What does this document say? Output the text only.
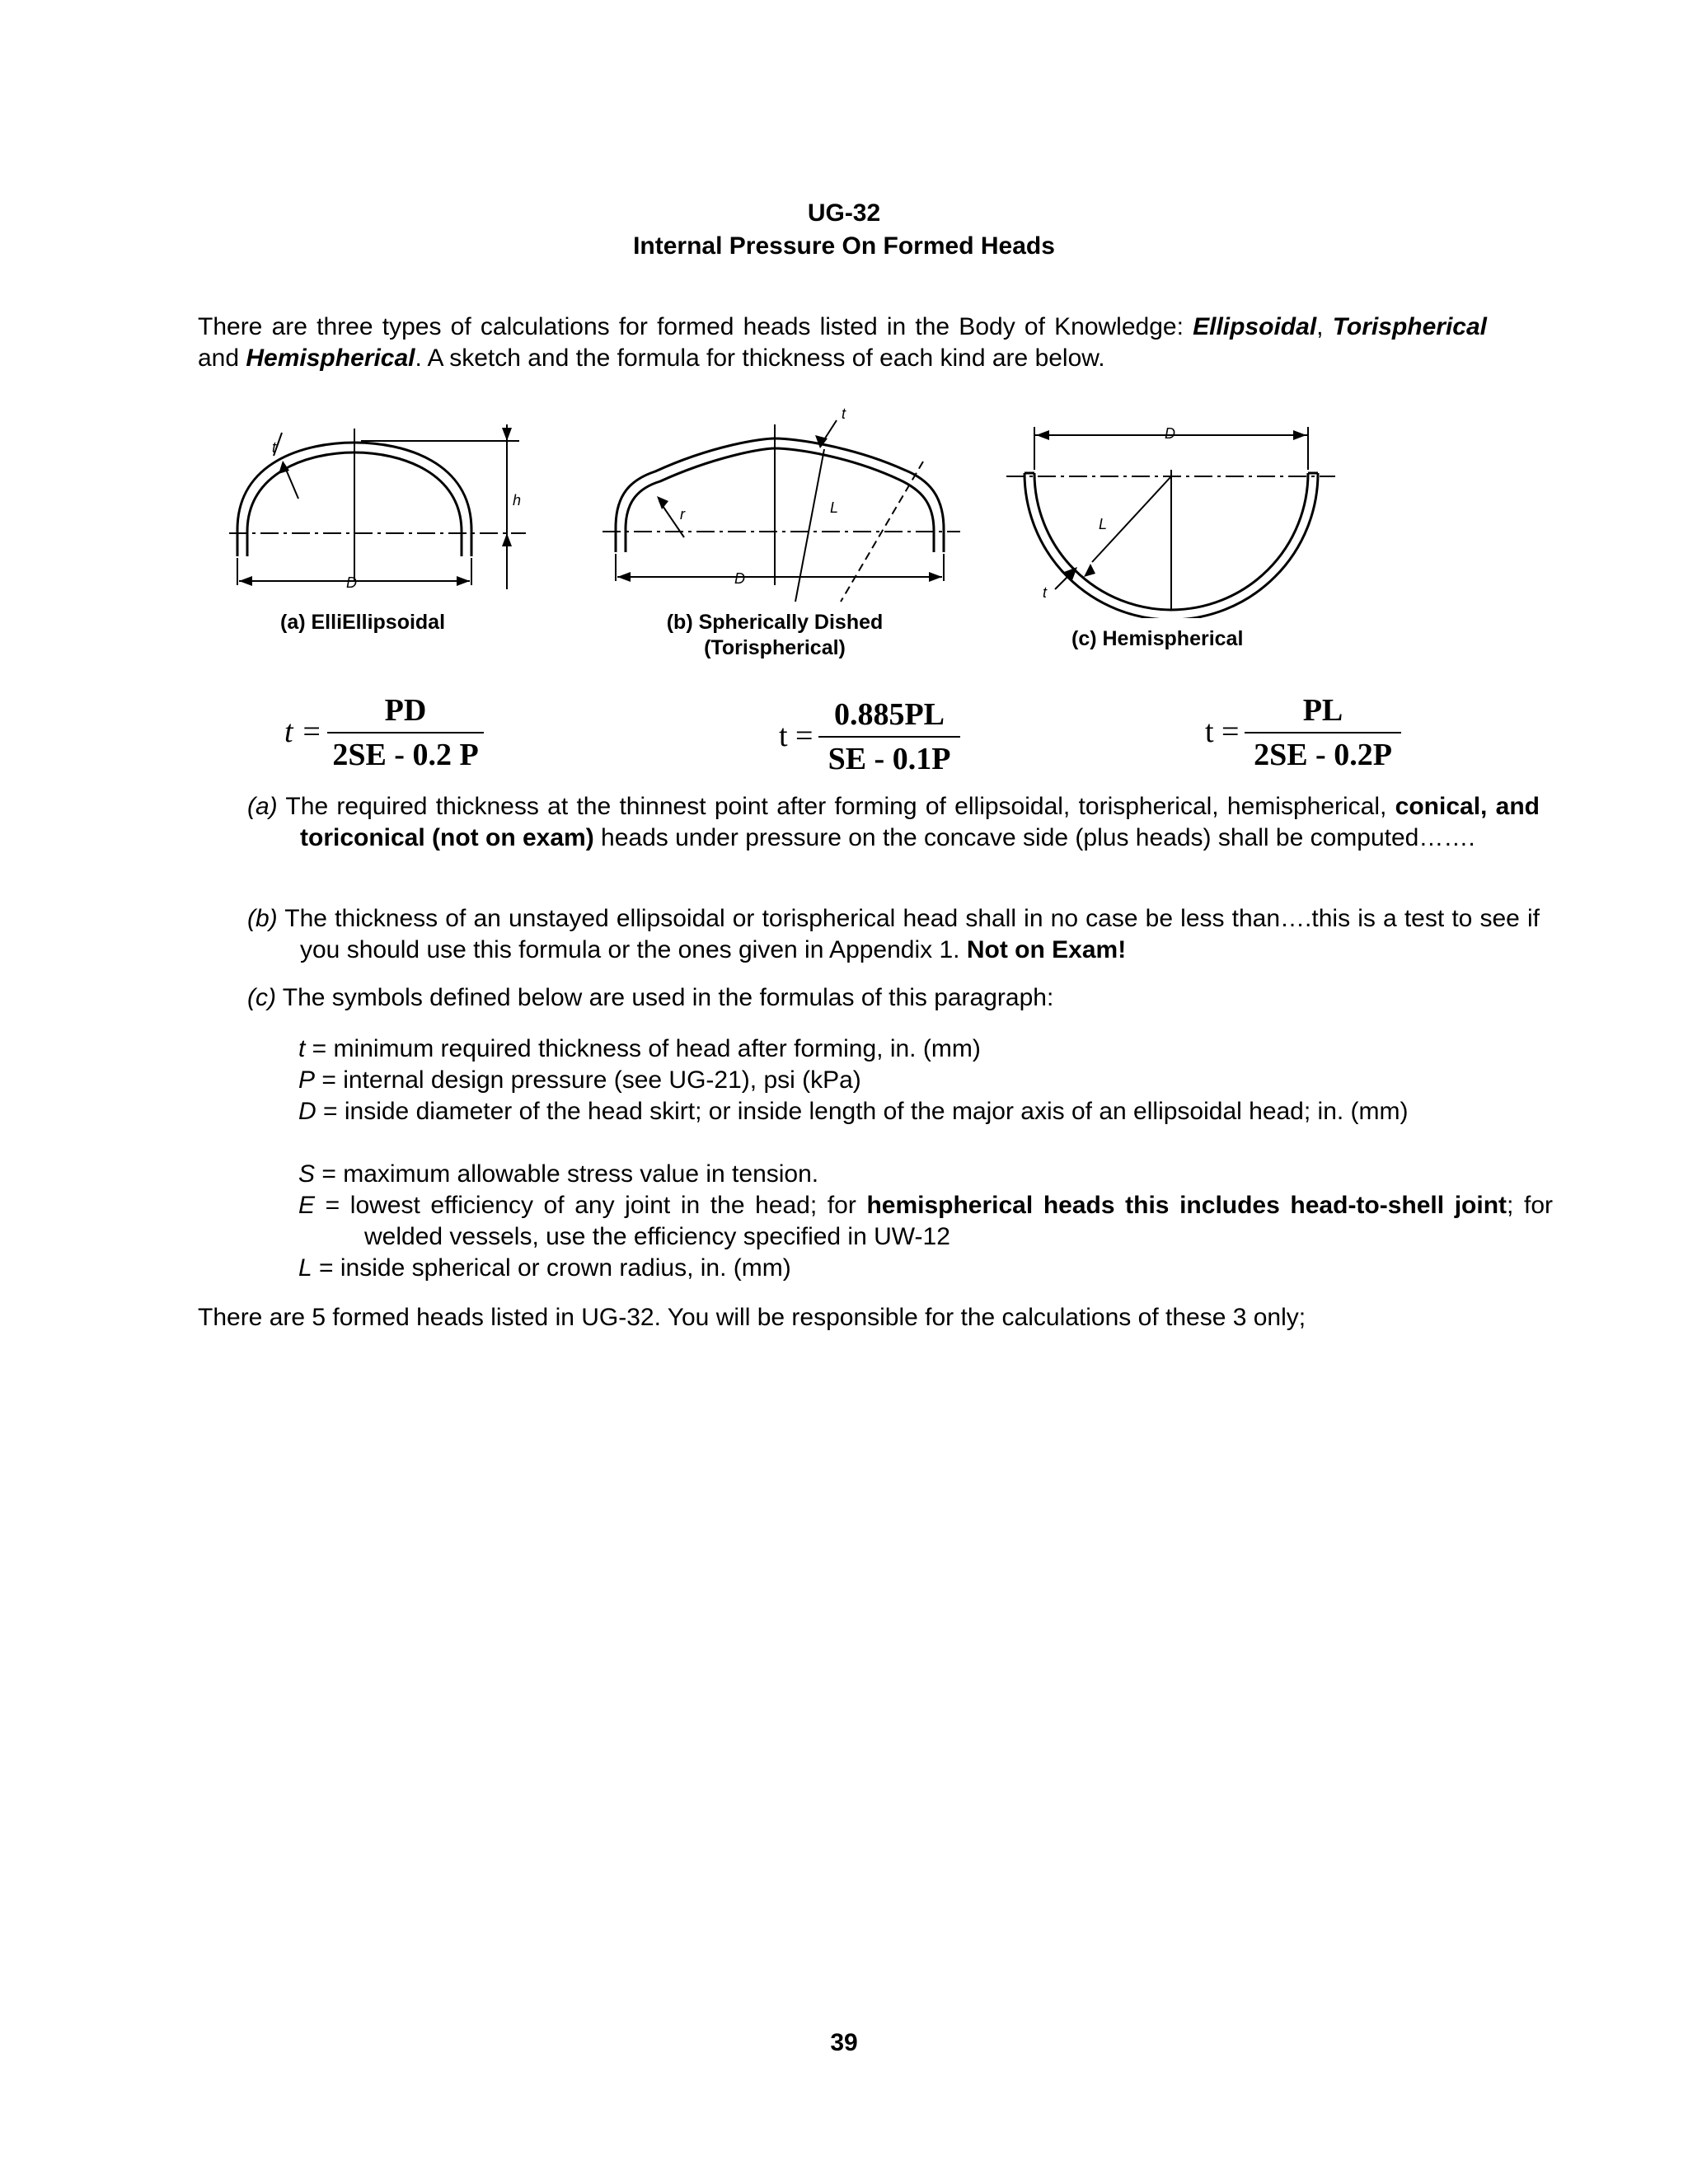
UG-32
Internal Pressure On Formed Heads
There are three types of calculations for formed heads listed in the Body of Knowledge: Ellipsoidal, Torispherical and Hemispherical. A sketch and the formula for thickness of each kind are below.
t
h
D
(a) ElliEllipsoidal
t
r	L
D
(b) Spherically Dished
(Torispherical)
D
L
t
(c) Hemispherical
t =
PD
2SE - 0.2 P
t =
0.885PL
SE - 0.1P
t =
PL
2SE - 0.2P
(a) The required thickness at the thinnest point after forming of ellipsoidal, torispherical, hemispherical, conical, and toriconical (not on exam) heads under pressure on the concave side (plus heads) shall be computed…….
(b) The thickness of an unstayed ellipsoidal or torispherical head shall in no case be less than….this is a test to see if you should use this formula or the ones given in Appendix 1. Not on Exam!
(c) The symbols defined below are used in the formulas of this paragraph:
t = minimum required thickness of head after forming, in. (mm)
P = internal design pressure (see UG-21), psi (kPa)
D = inside diameter of the head skirt; or inside length of the major axis of an ellipsoidal head; in. (mm)
S = maximum allowable stress value in tension.
E = lowest efficiency of any joint in the head; for hemispherical heads this includes head-to-shell joint; for welded vessels, use the efficiency specified in UW-12
L = inside spherical or crown radius, in. (mm)
There are 5 formed heads listed in UG-32. You will be responsible for the calculations of these 3 only;
39
